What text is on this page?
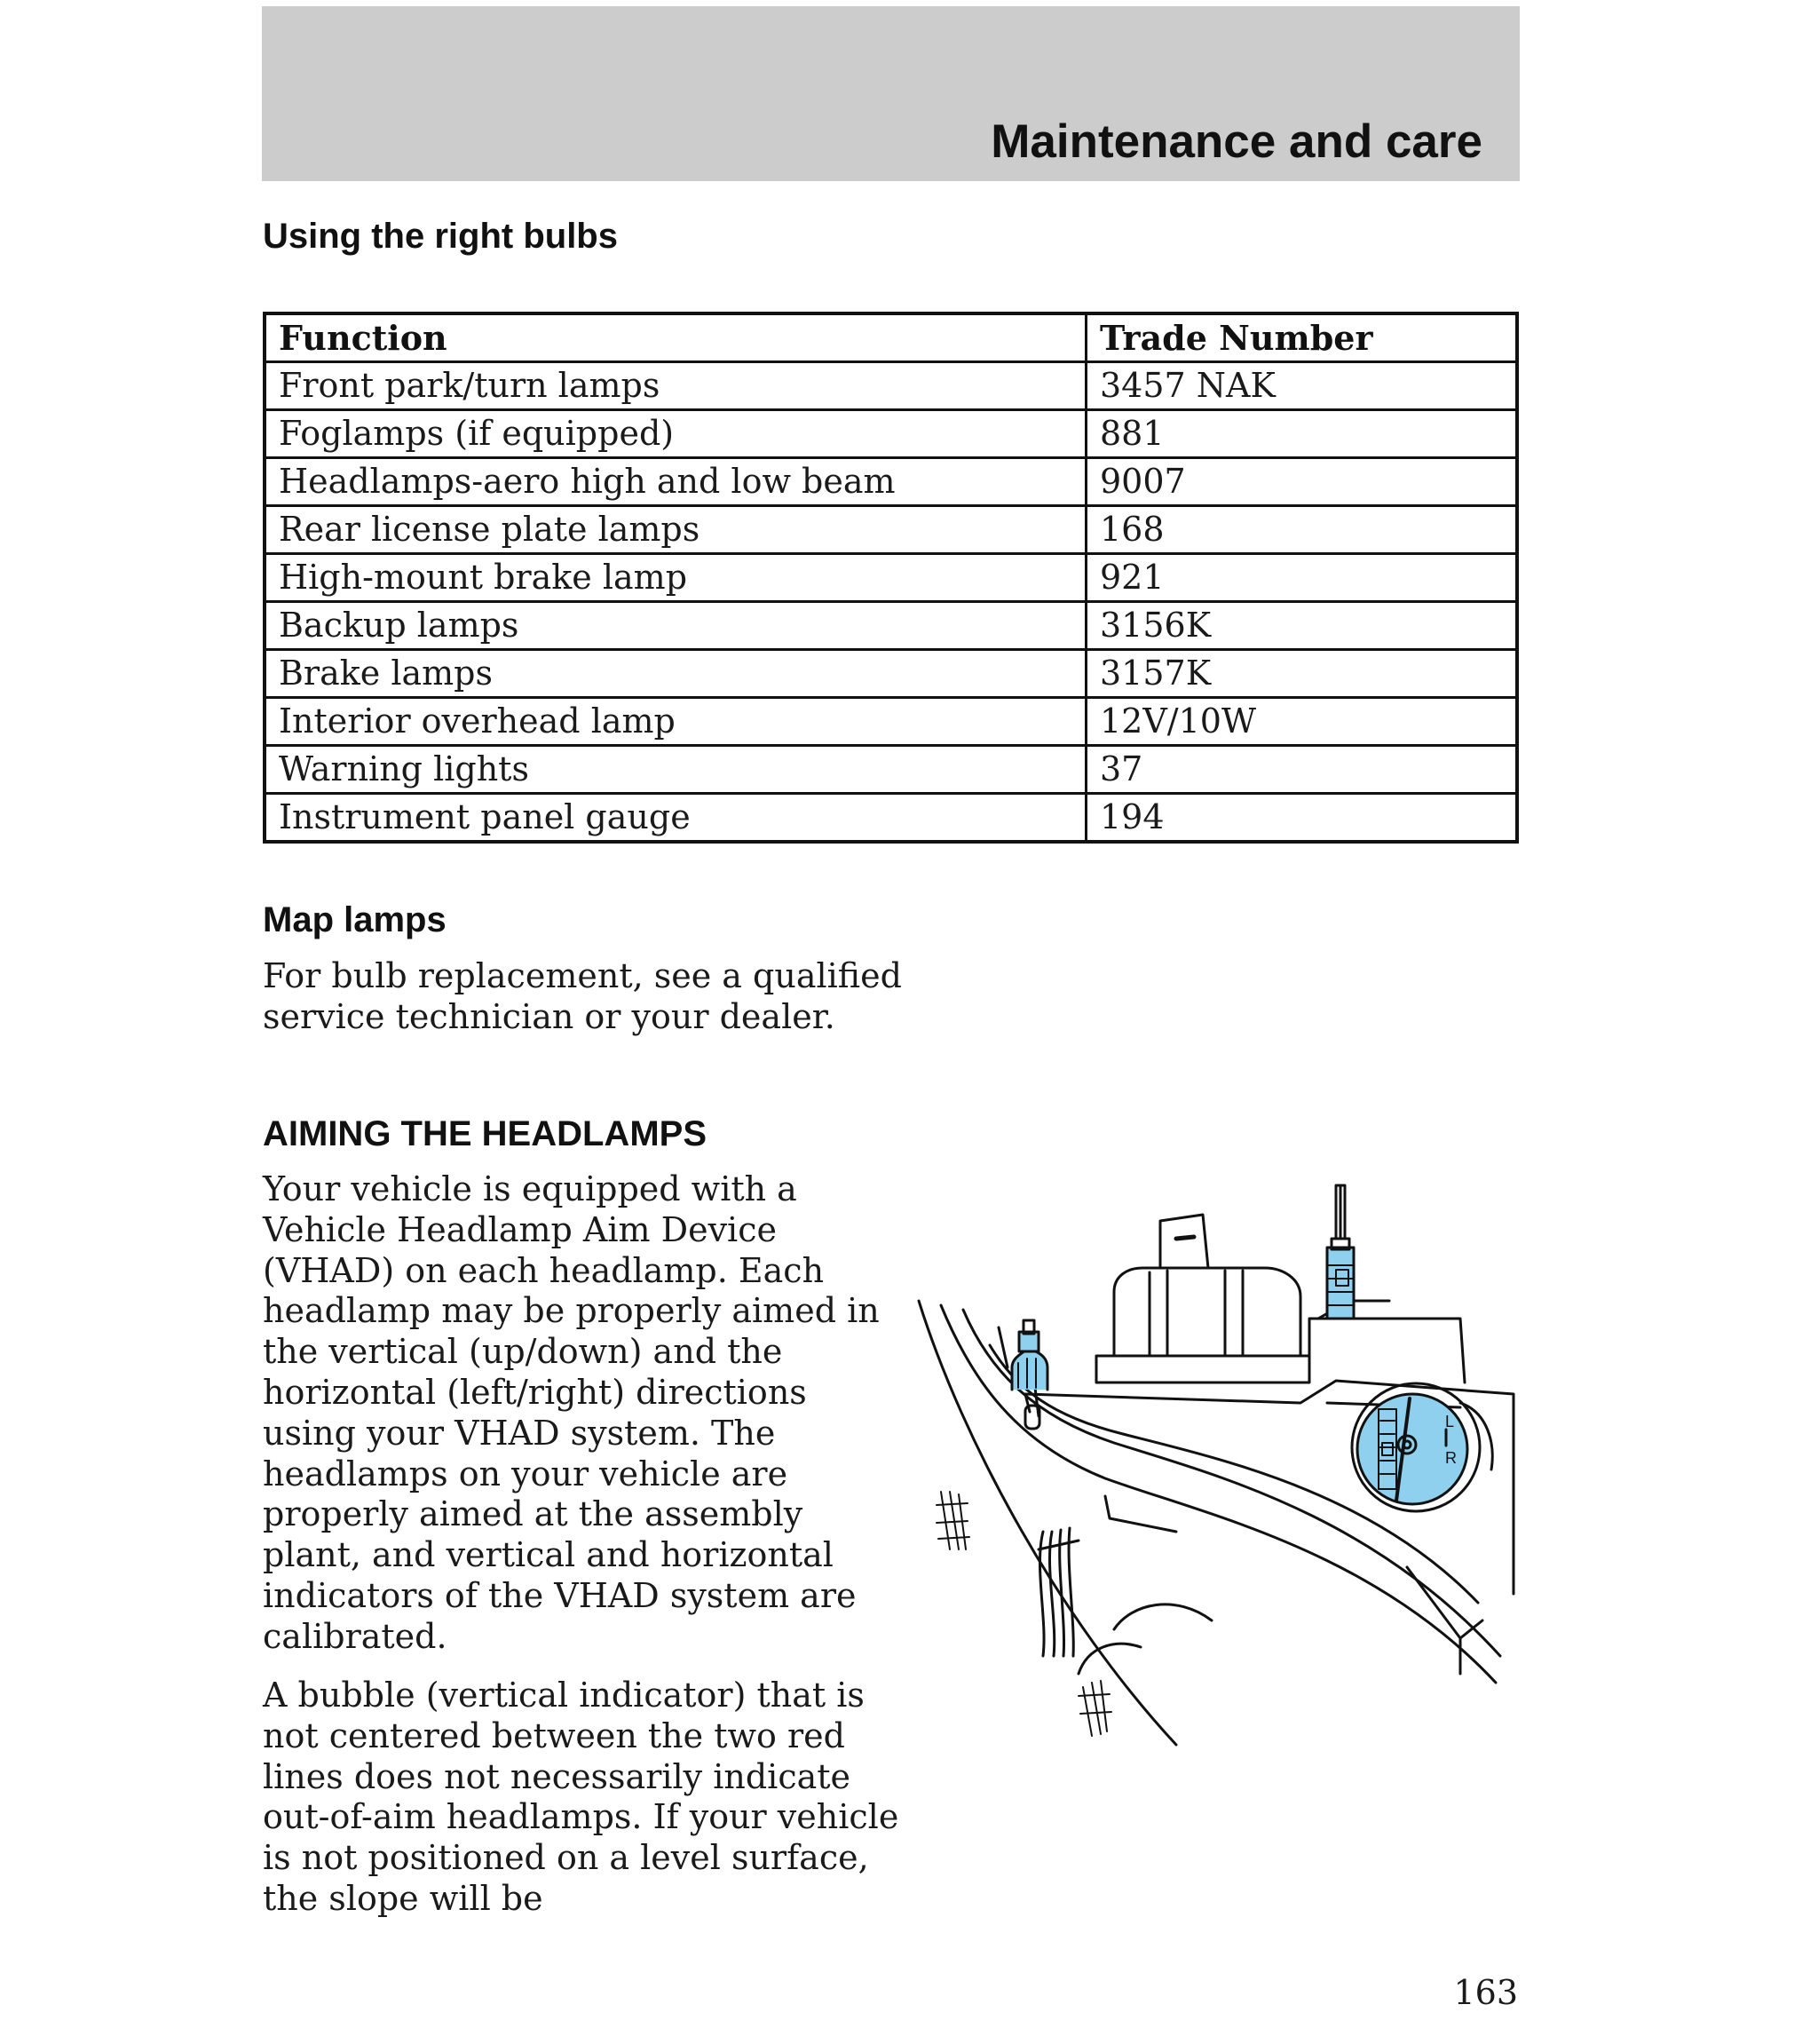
Maintenance and care
Using the right bulbs
Function	Trade Number
Front park/turn lamps	3457 NAK
Foglamps (if equipped)	881
Headlamps-aero high and low beam	9007
Rear license plate lamps	168
High-mount brake lamp	921
Backup lamps	3156K
Brake lamps	3157K
Interior overhead lamp	12V/10W
Warning lights	37
Instrument panel gauge	194
Map lamps

For bulb replacement, see a qualified service technician or your dealer.

AIMING THE HEADLAMPS

Your vehicle is equipped with a Vehicle Headlamp Aim Device (VHAD) on each headlamp. Each headlamp may be properly aimed in the vertical (up/down) and the horizontal (left/right) directions using your VHAD system. The headlamps on your vehicle are properly aimed at the assembly plant, and vertical and horizontal indicators of the VHAD system are calibrated.

A bubble (vertical indicator) that is not centered between the two red lines does not necessarily indicate out-of-aim headlamps. If your vehicle is not positioned on a level surface, the slope will be

L
R
163
